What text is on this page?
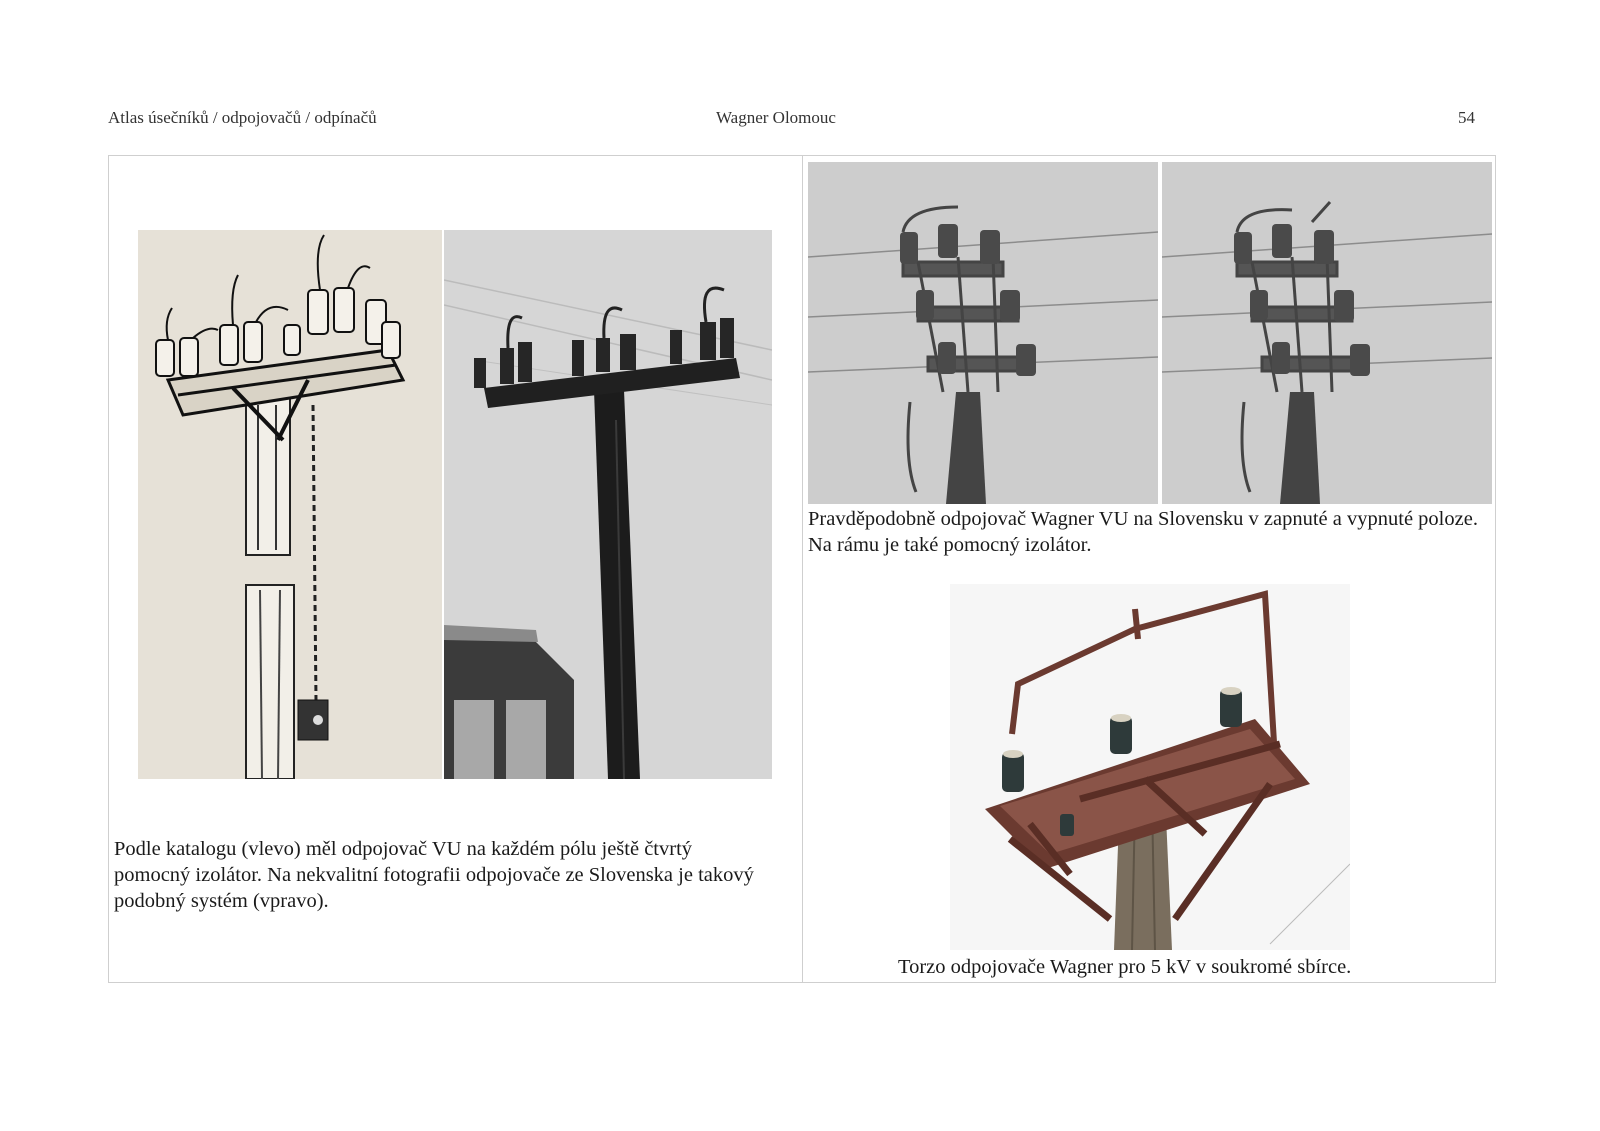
Atlas úsečníků / odpojovačů / odpínačů	Wagner Olomouc	54
Podle katalogu (vlevo) měl odpojovač VU na každém pólu ještě čtvrtý pomocný izolátor. Na nekvalitní fotografii odpojovače ze Slovenska je takový podobný systém (vpravo).
Pravděpodobně odpojovač Wagner VU na Slovensku v zapnuté a vypnuté poloze. Na rámu je také pomocný izolátor.
Torzo odpojovače Wagner pro 5 kV v soukromé sbírce.
